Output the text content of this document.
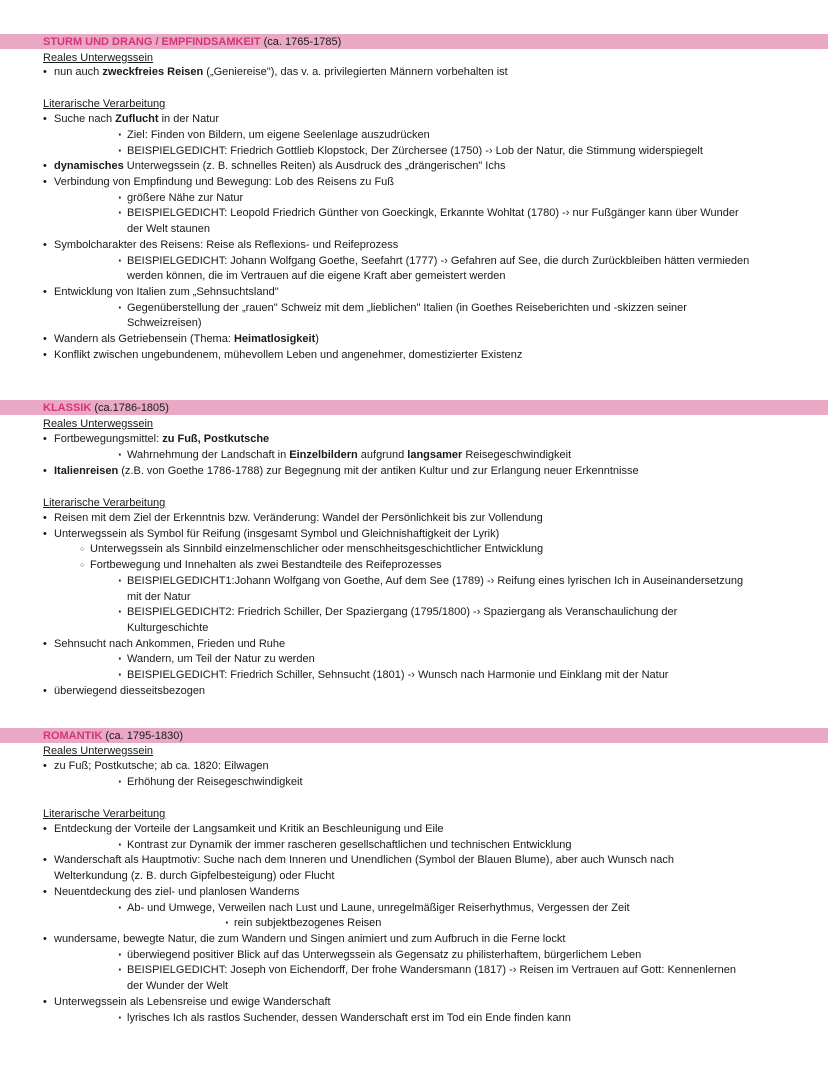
STURM UND DRANG / EMPFINDSAMKEIT (ca. 1765-1785)
Reales Unterwegssein
• nun auch zweckfreies Reisen („Geniereise"), das v. a. privilegierten Männern vorbehalten ist
Literarische Verarbeitung
• Suche nach Zuflucht in der Natur
· Ziel: Finden von Bildern, um eigene Seelenlage auszudrücken
· BEISPIELGEDICHT: Friedrich Gottlieb Klopstock, Der Zürchersee (1750) -› Lob der Natur, die Stimmung widerspiegelt
• dynamisches Unterwegssein (z. B. schnelles Reiten) als Ausdruck des „drängerischen" Ichs
• Verbindung von Empfindung und Bewegung: Lob des Reisens zu Fuß
· größere Nähe zur Natur
· BEISPIELGEDICHT: Leopold Friedrich Günther von Goeckingk, Erkannte Wohltat (1780) -› nur Fußgänger kann über Wunder
der Welt staunen
• Symbolcharakter des Reisens: Reise als Reflexions- und Reifeprozess
· BEISPIELGEDICHT: Johann Wolfgang Goethe, Seefahrt (1777) -› Gefahren auf See, die durch Zurückbleiben hätten vermieden
werden können, die im Vertrauen auf die eigene Kraft aber gemeistert werden
• Entwicklung von Italien zum „Sehnsuchtsland"
· Gegenüberstellung der „rauen" Schweiz mit dem „lieblichen" Italien (in Goethes Reiseberichten und -skizzen seiner
Schweizreisen)
• Wandern als Getriebensein (Thema: Heimatlosigkeit)
• Konflikt zwischen ungebundenem, mühevollem Leben und angenehmer, domestizierter Existenz
KLASSIK (ca.1786-1805)
Reales Unterwegssein
• Fortbewegungsmittel: zu Fuß, Postkutsche
· Wahrnehmung der Landschaft in Einzelbildern aufgrund langsamer Reisegeschwindigkeit
• Italienreisen (z.B. von Goethe 1786-1788) zur Begegnung mit der antiken Kultur und zur Erlangung neuer Erkenntnisse
Literarische Verarbeitung
• Reisen mit dem Ziel der Erkenntnis bzw. Veränderung: Wandel der Persönlichkeit bis zur Vollendung
• Unterwegssein als Symbol für Reifung (insgesamt Symbol und Gleichnishaftigkeit der Lyrik)
○ Unterwegssein als Sinnbild einzelmenschlicher oder menschheitsgeschichtlicher Entwicklung
○ Fortbewegung und Innehalten als zwei Bestandteile des Reifeprozesses
· BEISPIELGEDICHT1:Johann Wolfgang von Goethe, Auf dem See (1789) -› Reifung eines lyrischen Ich in Auseinandersetzung
mit der Natur
· BEISPIELGEDICHT2: Friedrich Schiller, Der Spaziergang (1795/1800) -› Spaziergang als Veranschaulichung der
Kulturgeschichte
• Sehnsucht nach Ankommen, Frieden und Ruhe
· Wandern, um Teil der Natur zu werden
· BEISPIELGEDICHT: Friedrich Schiller, Sehnsucht (1801) -› Wunsch nach Harmonie und Einklang mit der Natur
• überwiegend diesseitsbezogen
ROMANTIK (ca. 1795-1830)
Reales Unterwegssein
• zu Fuß; Postkutsche; ab ca. 1820: Eilwagen
· Erhöhung der Reisegeschwindigkeit
Literarische Verarbeitung
• Entdeckung der Vorteile der Langsamkeit und Kritik an Beschleunigung und Eile
· Kontrast zur Dynamik der immer rascheren gesellschaftlichen und technischen Entwicklung
• Wanderschaft als Hauptmotiv: Suche nach dem Inneren und Unendlichen (Symbol der Blauen Blume), aber auch Wunsch nach
Welterkundung (z. B. durch Gipfelbesteigung) oder Flucht
• Neuentdeckung des ziel- und planlosen Wanderns
· Ab- und Umwege, Verweilen nach Lust und Laune, unregelmäßiger Reiserhythmus, Vergessen der Zeit
· rein subjektbezogenes Reisen
• wundersame, bewegte Natur, die zum Wandern und Singen animiert und zum Aufbruch in die Ferne lockt
· überwiegend positiver Blick auf das Unterwegssein als Gegensatz zu philisterhaftem, bürgerlichem Leben
· BEISPIELGEDICHT: Joseph von Eichendorff, Der frohe Wandersmann (1817) -› Reisen im Vertrauen auf Gott: Kennenlernen
der Wunder der Welt
• Unterwegssein als Lebensreise und ewige Wanderschaft
· lyrisches Ich als rastlos Suchender, dessen Wanderschaft erst im Tod ein Ende finden kann
